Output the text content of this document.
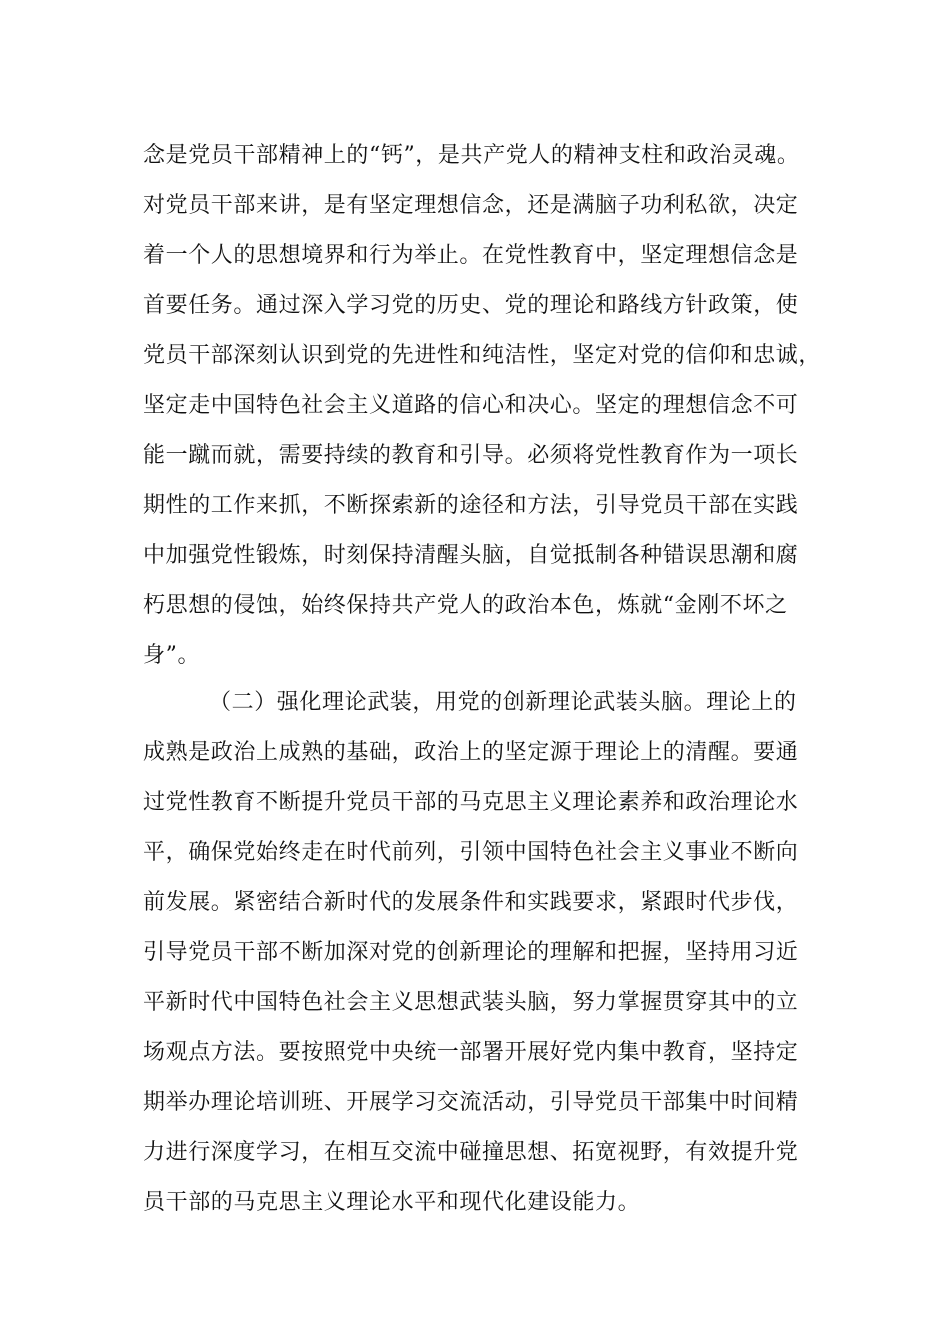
念是党员干部精神上的“钙”，是共产党人的精神支柱和政治灵魂。
对党员干部来讲，是有坚定理想信念，还是满脑子功利私欲，决定
着一个人的思想境界和行为举止。在党性教育中，坚定理想信念是
首要任务。通过深入学习党的历史、党的理论和路线方针政策，使
党员干部深刻认识到党的先进性和纯洁性，坚定对党的信仰和忠诚，
坚定走中国特色社会主义道路的信心和决心。坚定的理想信念不可
能一蹴而就，需要持续的教育和引导。必须将党性教育作为一项长
期性的工作来抓，不断探索新的途径和方法，引导党员干部在实践
中加强党性锻炼，时刻保持清醒头脑，自觉抵制各种错误思潮和腐
朽思想的侵蚀，始终保持共产党人的政治本色，炼就“金刚不坏之
身”。
（二）强化理论武装，用党的创新理论武装头脑。理论上的
成熟是政治上成熟的基础，政治上的坚定源于理论上的清醒。要通
过党性教育不断提升党员干部的马克思主义理论素养和政治理论水
平，确保党始终走在时代前列，引领中国特色社会主义事业不断向
前发展。紧密结合新时代的发展条件和实践要求，紧跟时代步伐，
引导党员干部不断加深对党的创新理论的理解和把握，坚持用习近
平新时代中国特色社会主义思想武装头脑，努力掌握贯穿其中的立
场观点方法。要按照党中央统一部署开展好党内集中教育，坚持定
期举办理论培训班、开展学习交流活动，引导党员干部集中时间精
力进行深度学习，在相互交流中碰撞思想、拓宽视野，有效提升党
员干部的马克思主义理论水平和现代化建设能力。
